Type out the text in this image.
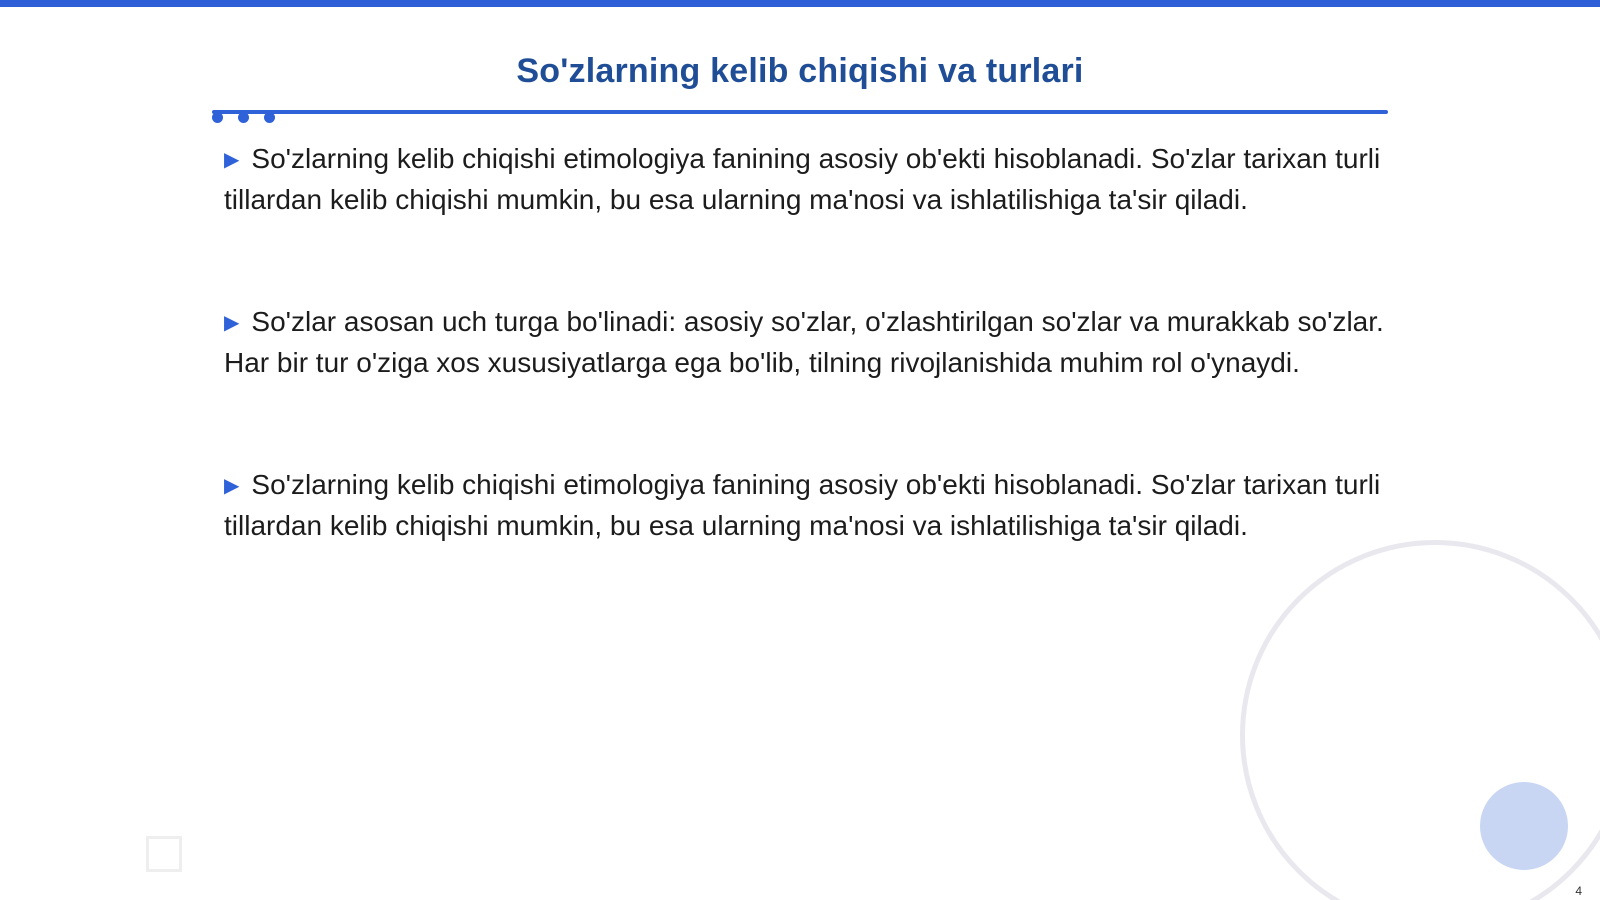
So'zlarning kelib chiqishi va turlari

▶ So'zlarning kelib chiqishi etimologiya fanining asosiy ob'ekti hisoblanadi. So'zlar tarixan turli tillardan kelib chiqishi mumkin, bu esa ularning ma'nosi va ishlatilishiga ta'sir qiladi.

▶ So'zlar asosan uch turga bo'linadi: asosiy so'zlar, o'zlashtirilgan so'zlar va murakkab so'zlar. Har bir tur o'ziga xos xususiyatlarga ega bo'lib, tilning rivojlanishida muhim rol o'ynaydi.

▶ So'zlarning kelib chiqishi etimologiya fanining asosiy ob'ekti hisoblanadi. So'zlar tarixan turli tillardan kelib chiqishi mumkin, bu esa ularning ma'nosi va ishlatilishiga ta'sir qiladi.

4
